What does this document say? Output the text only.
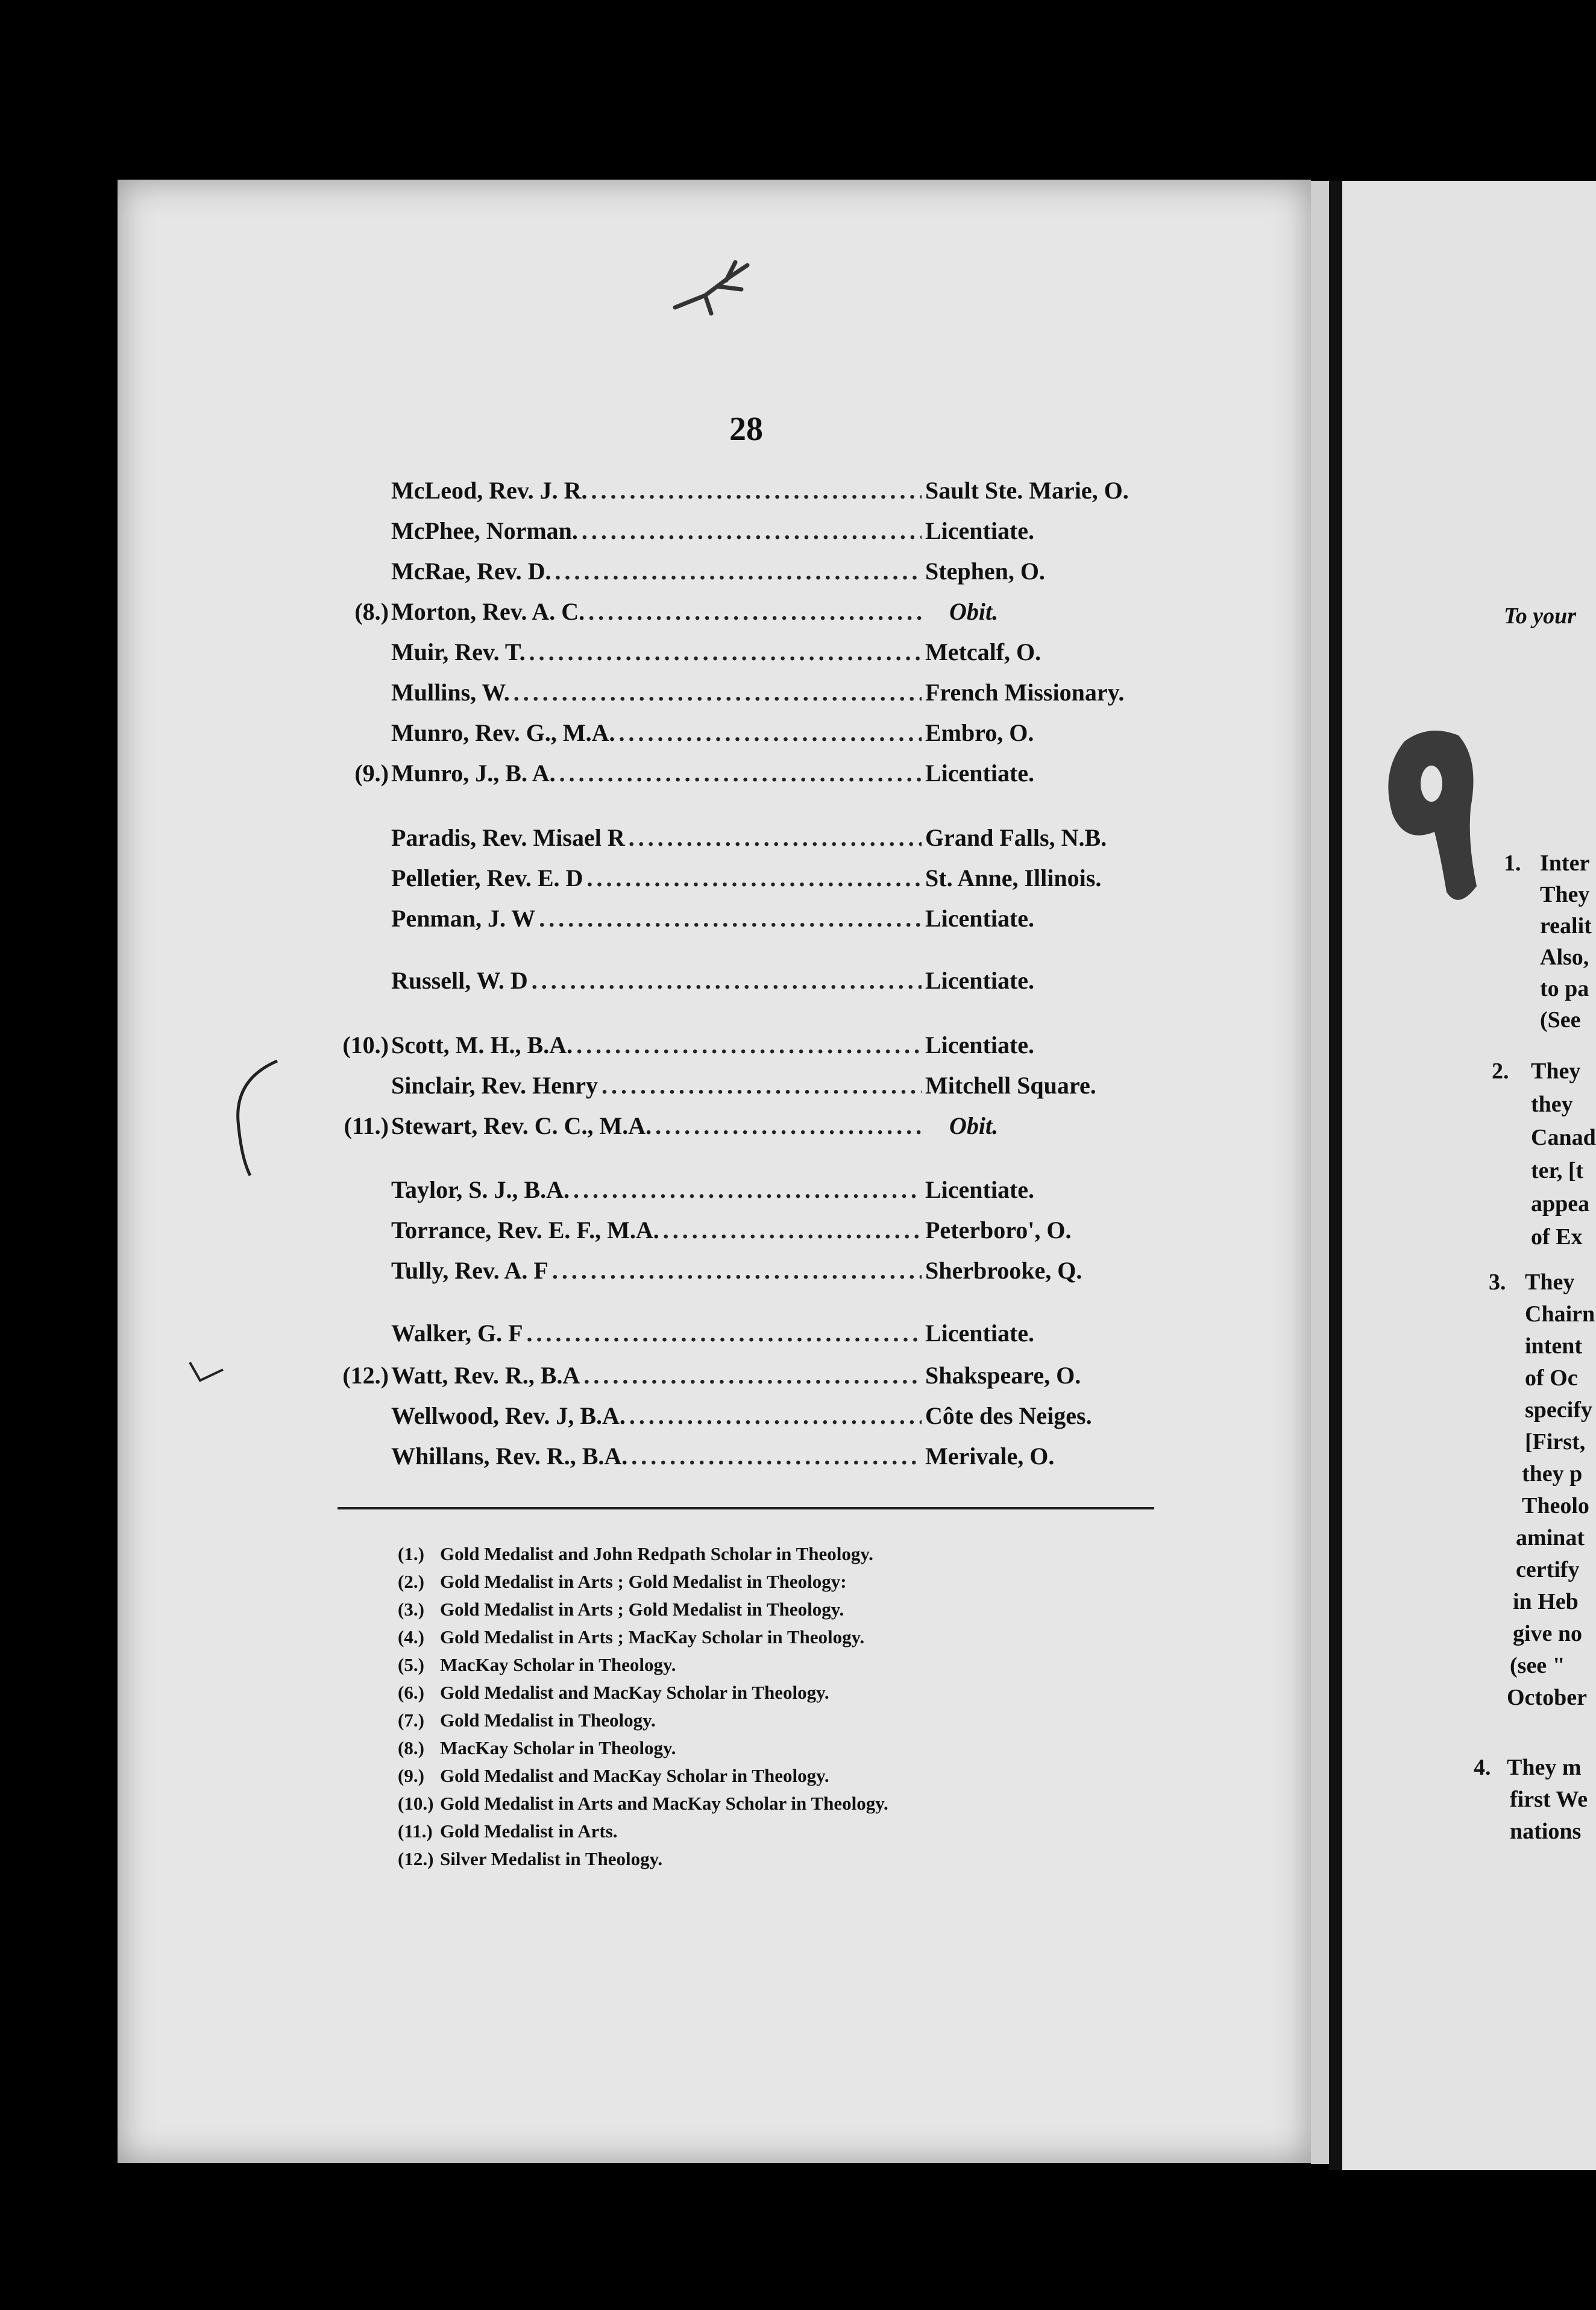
28
McLeod, Rev. J. R. .....	Sault Ste. Marie, O.
McPhee, Norman. .....	Licentiate.
McRae, Rev. D. .....	Stephen, O.
(8.) Morton, Rev. A. C. .....	Obit.
Muir, Rev. T. .....	Metcalf, O.
Mullins, W. .....	French Missionary.
Munro, Rev. G., M.A. .....	Embro, O.
(9.) Munro, J., B. A. .....	Licentiate.
Paradis, Rev. Misael R .....	Grand Falls, N.B.
Pelletier, Rev. E. D .....	St. Anne, Illinois.
Penman, J. W .....	Licentiate.
Russell, W. D .....	Licentiate.
(10.) Scott, M. H., B.A. .....	Licentiate.
Sinclair, Rev. Henry .....	Mitchell Square.
(11.) Stewart, Rev. C. C., M.A. .....	Obit.
Taylor, S. J., B.A. .....	Licentiate.
Torrance, Rev. E. F., M.A. .....	Peterboro', O.
Tully, Rev. A. F .....	Sherbrooke, Q.
Walker, G. F .....	Licentiate.
(12.) Watt, Rev. R., B.A .....	Shakspeare, O.
Wellwood, Rev. J, B.A. .....	Côte des Neiges.
Whillans, Rev. R., B.A. .....	Merivale, O.
(1.) Gold Medalist and John Redpath Scholar in Theology.
(2.) Gold Medalist in Arts ; Gold Medalist in Theology:
(3.) Gold Medalist in Arts ; Gold Medalist in Theology.
(4.) Gold Medalist in Arts ; MacKay Scholar in Theology.
(5.) MacKay Scholar in Theology.
(6.) Gold Medalist and MacKay Scholar in Theology.
(7.) Gold Medalist in Theology.
(8.) MacKay Scholar in Theology.
(9.) Gold Medalist and MacKay Scholar in Theology.
(10.) Gold Medalist in Arts and MacKay Scholar in Theology.
(11.) Gold Medalist in Arts.
(12.) Silver Medalist in Theology.
To your
1.
2.
3.
4.
Inter
They
realit
Also,
to pa
(See
They
they
Canad
ter, [t
appea
of Ex
They
Chairn
intent
of Oc
specify
[First,
they p
Theolo
aminat
certify
in Heb
give no
(see "
October
They m
first We
nations
